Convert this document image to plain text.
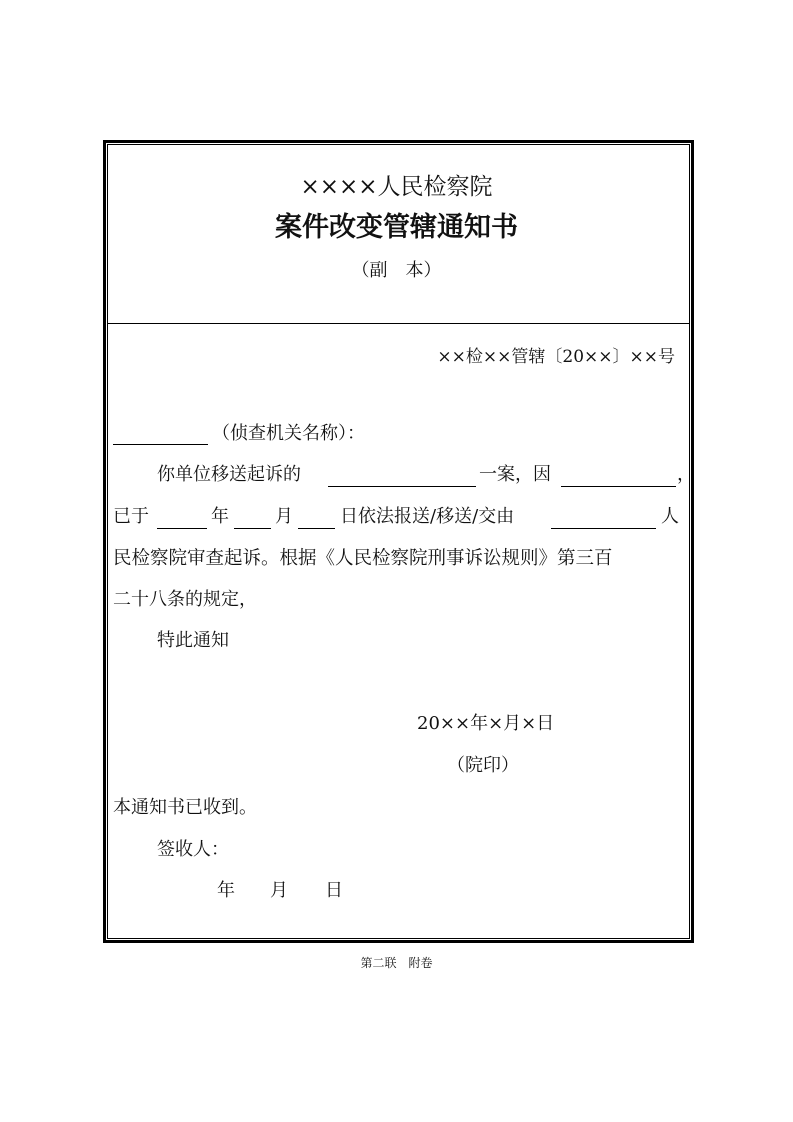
××××人民检察院
案件改变管辖通知书
（副　本）
××检××管辖〔20××〕××号
（侦查机关名称）：
你单位移送起诉的	一案，因	，
已于	年	月	日依法报送/移送/交由	人
民检察院审查起诉。根据《人民检察院刑事诉讼规则》第三百
二十八条的规定，
特此通知
20××年×月×日
（院印）
本通知书已收到。
签收人：
年 月 日
第二联　附卷
